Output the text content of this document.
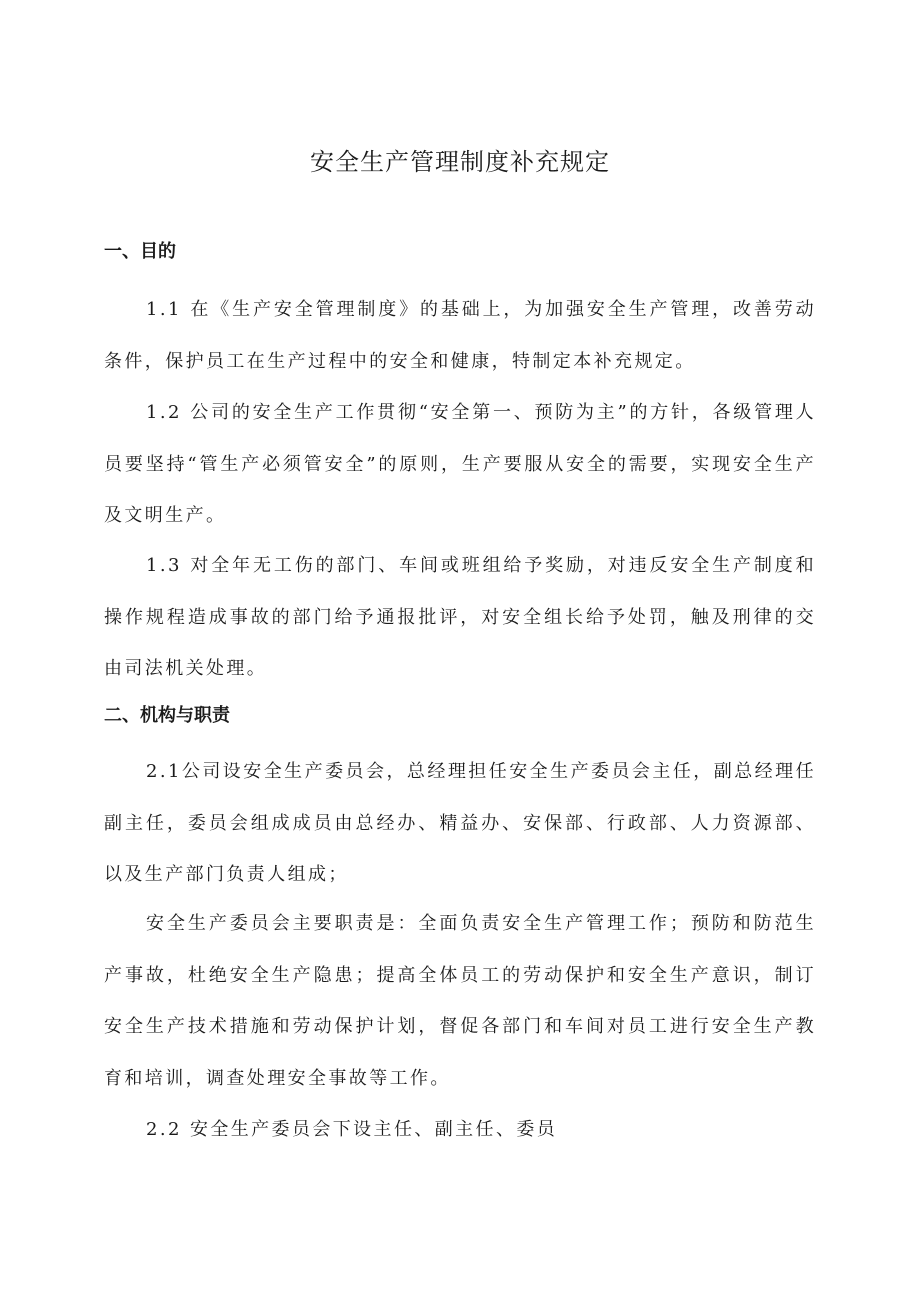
安全生产管理制度补充规定
一、目的

1.1 在《生产安全管理制度》的基础上，为加强安全生产管理，改善劳动条件，保护员工在生产过程中的安全和健康，特制定本补充规定。

1.2 公司的安全生产工作贯彻“安全第一、预防为主”的方针，各级管理人员要坚持“管生产必须管安全”的原则，生产要服从安全的需要，实现安全生产及文明生产。

1.3 对全年无工伤的部门、车间或班组给予奖励，对违反安全生产制度和操作规程造成事故的部门给予通报批评，对安全组长给予处罚，触及刑律的交由司法机关处理。

二、机构与职责

2.1公司设安全生产委员会，总经理担任安全生产委员会主任，副总经理任副主任，委员会组成成员由总经办、精益办、安保部、行政部、人力资源部、以及生产部门负责人组成；

安全生产委员会主要职责是：全面负责安全生产管理工作；预防和防范生产事故，杜绝安全生产隐患；提高全体员工的劳动保护和安全生产意识，制订安全生产技术措施和劳动保护计划，督促各部门和车间对员工进行安全生产教育和培训，调查处理安全事故等工作。

2.2 安全生产委员会下设主任、副主任、委员
